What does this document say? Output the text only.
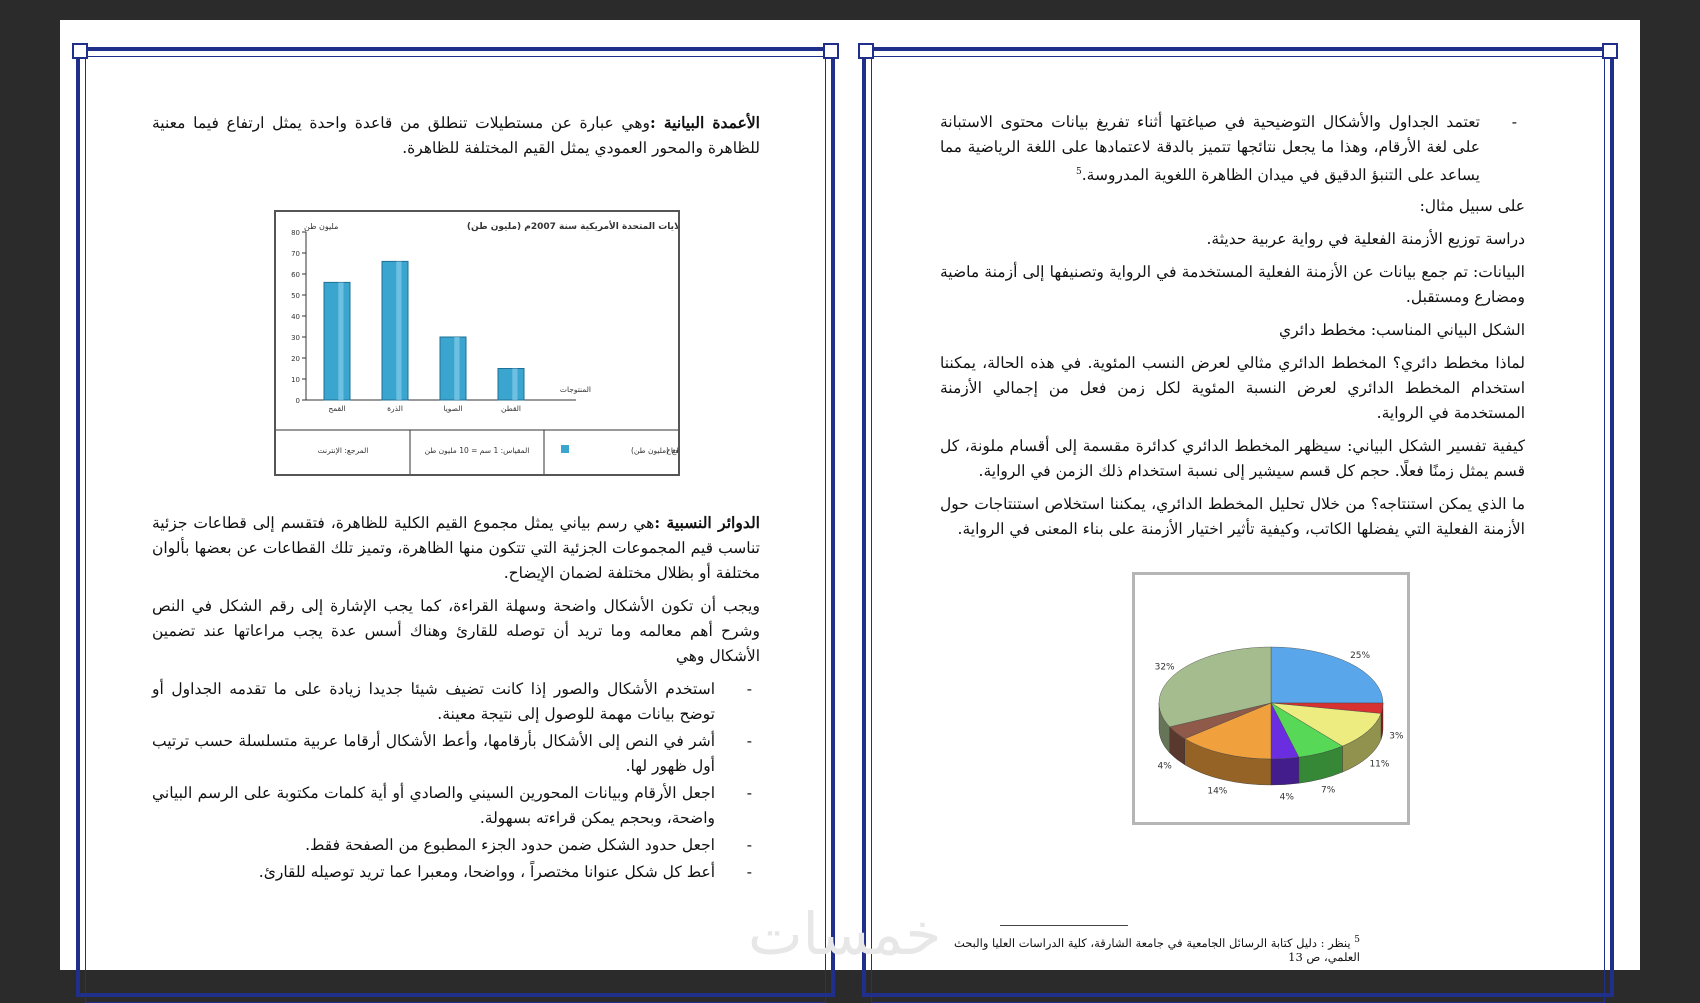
الأعمدة البيانية :وهي عبارة عن مستطيلات تنطلق من قاعدة واحدة يمثل ارتفاع فيما معنية للظاهرة والمحور العمودي يمثل القيم المختلفة للظاهرة.

ايات المتحدة الأمريكية سنة 2007م (مليون طن)
مليون طن
0
10
20
30
40
50
60
70
80
القمح	الذرة	الصويا	القطن
المنتوجات
فتاح اج (مليون طن)
المقياس: 1 سم = 10 مليون طن
المرجع: الإنترنت

الدوائر النسبية :هي رسم بياني يمثل مجموع القيم الكلية للظاهرة، فتقسم إلى قطاعات جزئية تناسب قيم المجموعات الجزئية التي تتكون منها الظاهرة، وتميز تلك القطاعات عن بعضها بألوان مختلفة أو بظلال مختلفة لضمان الإيضاح.

ويجب أن تكون الأشكال واضحة وسهلة القراءة، كما يجب الإشارة إلى رقم الشكل في النص وشرح أهم معالمه وما تريد أن توصله للقارئ وهناك أسس عدة يجب مراعاتها عند تضمين الأشكال وهي

- استخدم الأشكال والصور إذا كانت تضيف شيئا جديدا زيادة على ما تقدمه الجداول أو توضح بيانات مهمة للوصول إلى نتيجة معينة.
- أشر في النص إلى الأشكال بأرقامها، وأعط الأشكال أرقاما عربية متسلسلة حسب ترتيب أول ظهور لها.
- اجعل الأرقام وبيانات المحورين السيني والصادي أو أية كلمات مكتوبة على الرسم البياني واضحة، وبحجم يمكن قراءته بسهولة.
- اجعل حدود الشكل ضمن حدود الجزء المطبوع من الصفحة فقط.
- أعط كل شكل عنوانا مختصراً ، وواضحا، ومعبرا عما تريد توصيله للقارئ.
- تعتمد الجداول والأشكال التوضيحية في صياغتها أثناء تفريغ بيانات محتوى الاستبانة على لغة الأرقام، وهذا ما يجعل نتائجها تتميز بالدقة لاعتمادها على اللغة الرياضية مما يساعد على التنبؤ الدقيق في ميدان الظاهرة اللغوية المدروسة.$^5$

على سبيل مثال:

دراسة توزيع الأزمنة الفعلية في رواية عربية حديثة.

البيانات: تم جمع بيانات عن الأزمنة الفعلية المستخدمة في الرواية وتصنيفها إلى أزمنة ماضية ومضارع ومستقبل.

الشكل البياني المناسب: مخطط دائري

لماذا مخطط دائري؟ المخطط الدائري مثالي لعرض النسب المئوية. في هذه الحالة، يمكننا استخدام المخطط الدائري لعرض النسبة المئوية لكل زمن فعل من إجمالي الأزمنة المستخدمة في الرواية.

كيفية تفسير الشكل البياني: سيظهر المخطط الدائري كدائرة مقسمة إلى أقسام ملونة، كل قسم يمثل زمنًا فعلًا. حجم كل قسم سيشير إلى نسبة استخدام ذلك الزمن في الرواية.

ما الذي يمكن استنتاجه؟ من خلال تحليل المخطط الدائري، يمكننا استخلاص استنتاجات حول الأزمنة الفعلية التي يفضلها الكاتب، وكيفية تأثير اختيار الأزمنة على بناء المعنى في الرواية.

25%
3%
11%
7%
4%
14%
4%
32%
$^5$ ينظر : دليل كتابة الرسائل الجامعية في جامعة الشارقة، كلية الدراسات العليا والبحث العلمي، ص 13
خمسات
